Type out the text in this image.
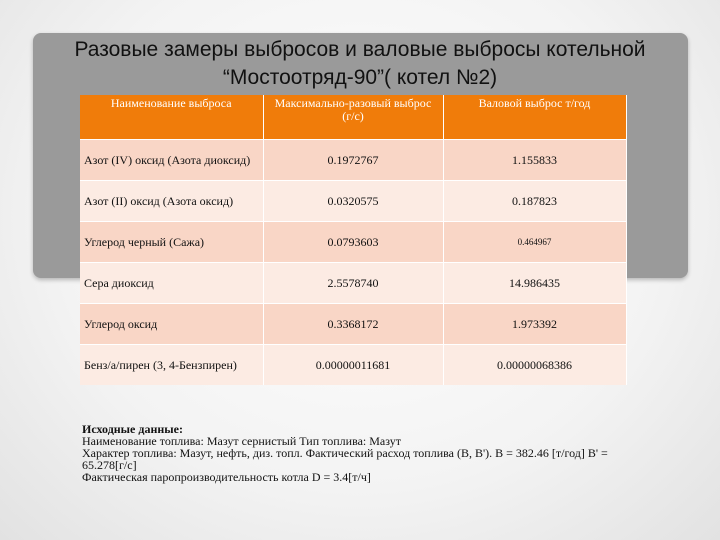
Разовые замеры выбросов и валовые выбросы котельной “Мостоотряд-90”( котел №2)
Наименование выброса	Максимально-разовый выброс (г/с)	Валовой выброс т/год
Азот (IV) оксид (Азота диоксид)	0.1972767	1.155833
Азот (II) оксид (Азота оксид)	0.0320575	0.187823
Углерод черный (Сажа)	0.0793603	0.464967
Сера диоксид	2.5578740	14.986435
Углерод оксид	0.3368172	1.973392
Бенз/а/пирен (3, 4-Бензпирен)	0.00000011681	0.00000068386
Исходные данные:
Наименование топлива: Мазут сернистый Тип топлива: Мазут
Характер топлива: Мазут, нефть, диз. топл. Фактический расход топлива (B, B'). B = 382.46 [т/год] B' = 65.278[г/с]
Фактическая паропроизводительность котла D = 3.4[т/ч]
